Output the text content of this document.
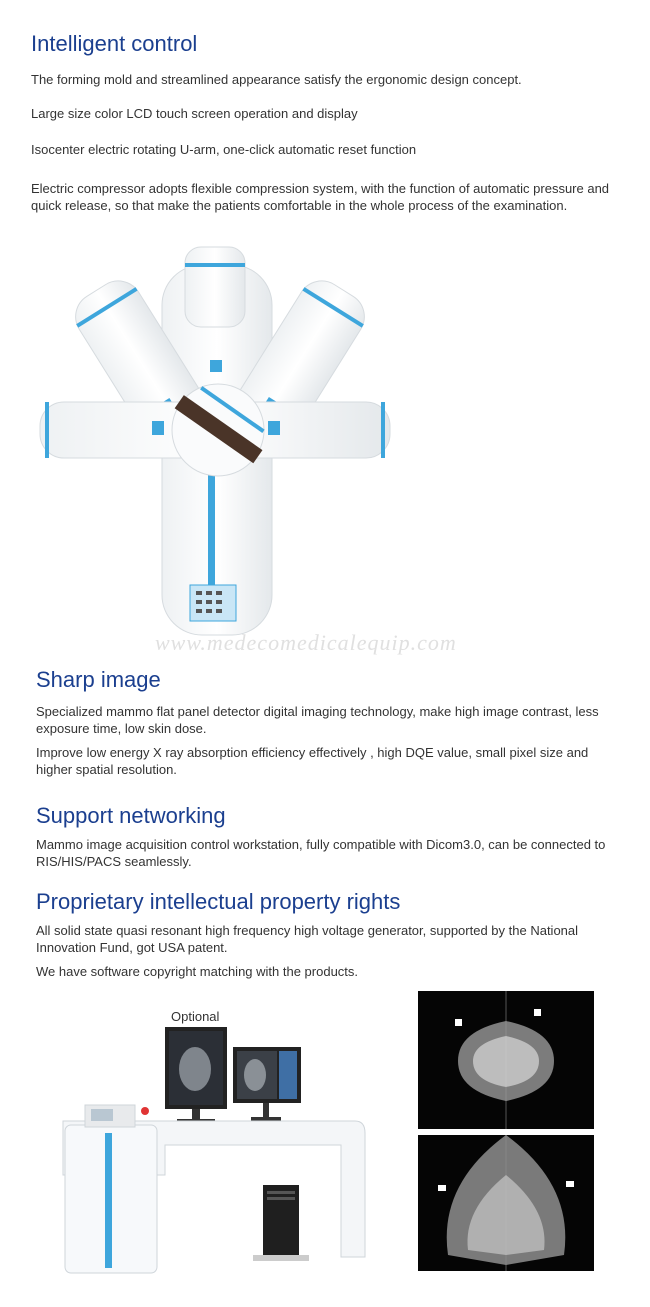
Intelligent control

The forming mold and streamlined appearance satisfy the ergonomic design concept.

Large size color LCD touch screen operation and display

Isocenter electric rotating U-arm, one-click automatic reset function

Electric compressor adopts flexible compression system, with the function of automatic pressure and quick release, so that make the patients comfortable in the whole process of the examination.

www.medecomedicalequip.com
Sharp image

Specialized mammo flat panel detector digital imaging technology, make high image contrast, less exposure time, low skin dose.

Improve low energy X ray absorption efficiency effectively , high DQE value, small pixel size and higher spatial resolution.

Support networking

Mammo image acquisition control workstation, fully compatible with Dicom3.0, can be connected to RIS/HIS/PACS seamlessly.

Proprietary intellectual property rights

All solid state quasi resonant high frequency high voltage generator, supported by the National Innovation Fund, got USA patent.

We have software copyright matching with the products.

Optional
